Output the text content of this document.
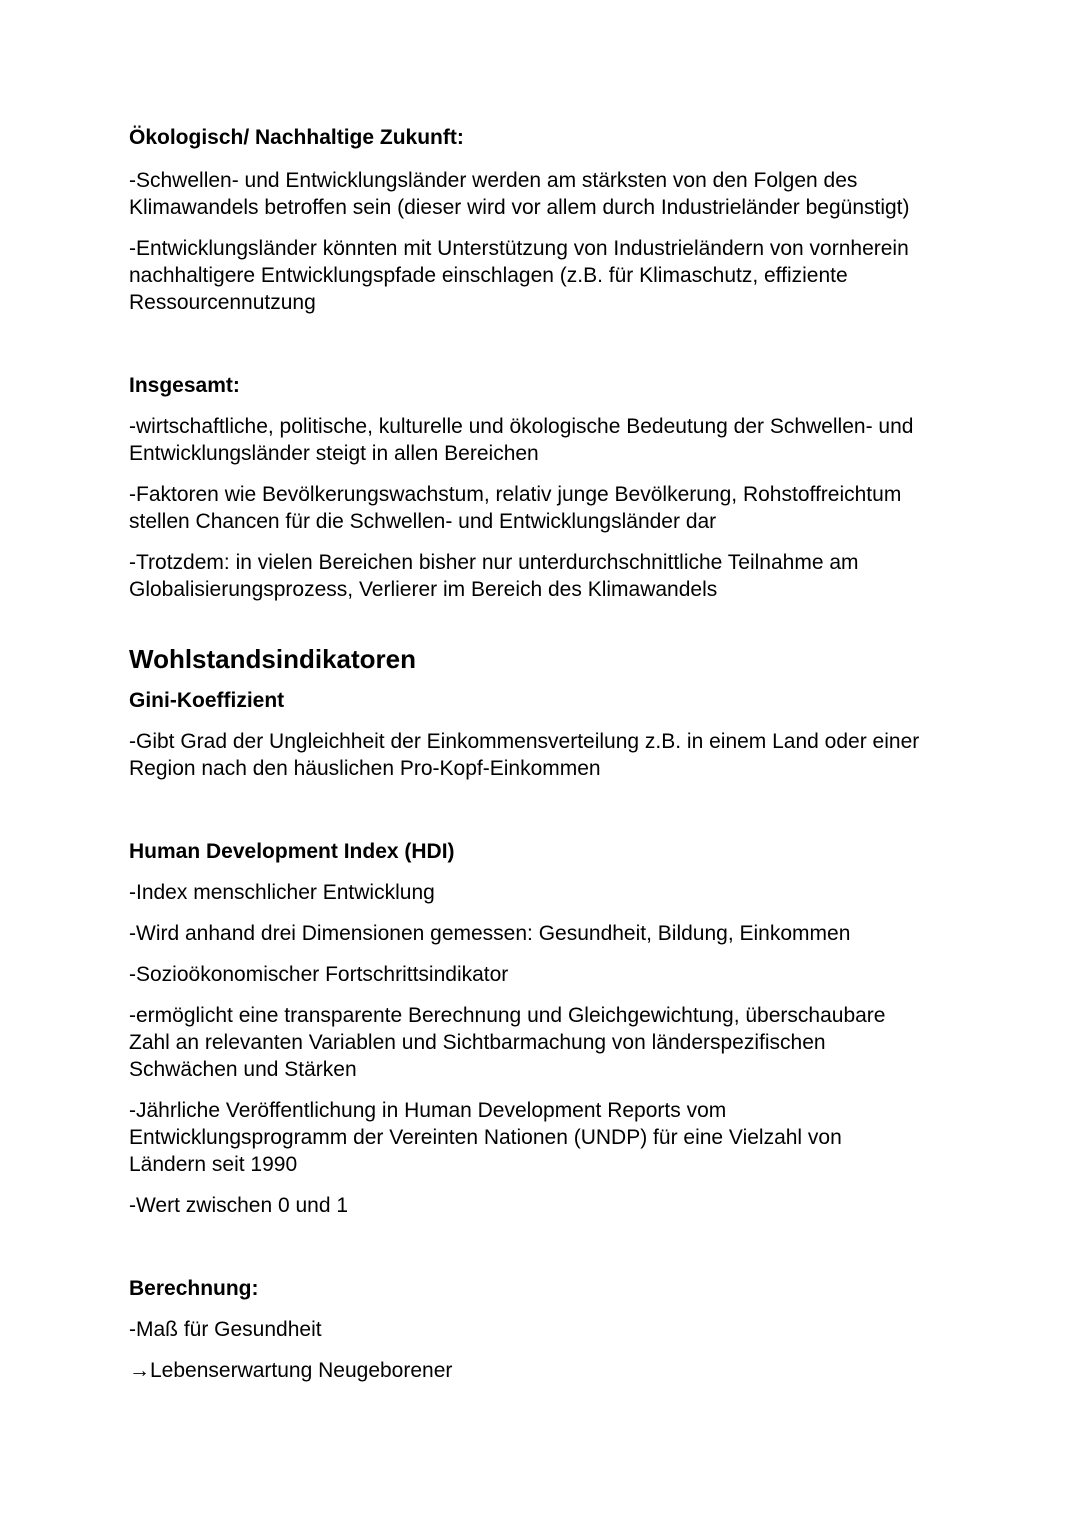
Ökologisch/ Nachhaltige Zukunft:

-Schwellen- und Entwicklungsländer werden am stärksten von den Folgen des
Klimawandels betroffen sein (dieser wird vor allem durch Industrieländer begünstigt)

-Entwicklungsländer könnten mit Unterstützung von Industrieländern von vornherein
nachhaltigere Entwicklungspfade einschlagen (z.B. für Klimaschutz, effiziente
Ressourcennutzung

Insgesamt:

-wirtschaftliche, politische, kulturelle und ökologische Bedeutung der Schwellen- und
Entwicklungsländer steigt in allen Bereichen

-Faktoren wie Bevölkerungswachstum, relativ junge Bevölkerung, Rohstoffreichtum
stellen Chancen für die Schwellen- und Entwicklungsländer dar

-Trotzdem: in vielen Bereichen bisher nur unterdurchschnittliche Teilnahme am
Globalisierungsprozess, Verlierer im Bereich des Klimawandels

Wohlstandsindikatoren
Gini-Koeffizient

-Gibt Grad der Ungleichheit der Einkommensverteilung z.B. in einem Land oder einer
Region nach den häuslichen Pro-Kopf-Einkommen

Human Development Index (HDI)

-Index menschlicher Entwicklung

-Wird anhand drei Dimensionen gemessen: Gesundheit, Bildung, Einkommen

-Sozioökonomischer Fortschrittsindikator

-ermöglicht eine transparente Berechnung und Gleichgewichtung, überschaubare
Zahl an relevanten Variablen und Sichtbarmachung von länderspezifischen
Schwächen und Stärken

-Jährliche Veröffentlichung in Human Development Reports vom
Entwicklungsprogramm der Vereinten Nationen (UNDP) für eine Vielzahl von
Ländern seit 1990

-Wert zwischen 0 und 1

Berechnung:

-Maß für Gesundheit

→Lebenserwartung Neugeborener
